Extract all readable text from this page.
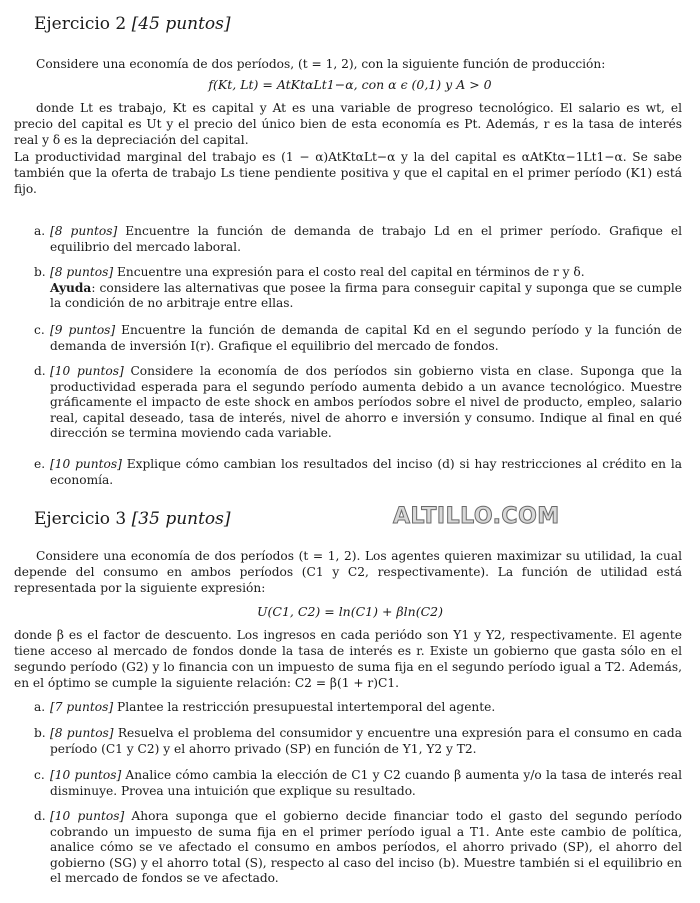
Ejercicio 2 [45 puntos]
Considere una economía de dos períodos, (t = 1, 2), con la siguiente función de producción:
f(Kt, Lt) = AtKtαLt1−α, con α ϵ (0,1) y A > 0
donde Lt es trabajo, Kt es capital y At es una variable de progreso tecnológico. El salario es wt, el precio del capital es Ut y el precio del único bien de esta economía es Pt. Además, r es la tasa de interés real y δ es la depreciación del capital.
La productividad marginal del trabajo es (1 − α)AtKtαLt−α y la del capital es αAtKtα−1Lt1−α. Se sabe también que la oferta de trabajo Ls tiene pendiente positiva y que el capital en el primer período (K1) está fijo.
a. [8 puntos] Encuentre la función de demanda de trabajo Ld en el primer período. Grafique el equilibrio del mercado laboral.
b. [8 puntos] Encuentre una expresión para el costo real del capital en términos de r y δ.
Ayuda: considere las alternativas que posee la firma para conseguir capital y suponga que se cumple la condición de no arbitraje entre ellas.
c. [9 puntos] Encuentre la función de demanda de capital Kd en el segundo período y la función de demanda de inversión I(r). Grafique el equilibrio del mercado de fondos.
d. [10 puntos] Considere la economía de dos períodos sin gobierno vista en clase. Suponga que la productividad esperada para el segundo período aumenta debido a un avance tecnológico. Muestre gráficamente el impacto de este shock en ambos períodos sobre el nivel de producto, empleo, salario real, capital deseado, tasa de interés, nivel de ahorro e inversión y consumo. Indique al final en qué dirección se termina moviendo cada variable.
e. [10 puntos] Explique cómo cambian los resultados del inciso (d) si hay restricciones al crédito en la economía.
Ejercicio 3 [35 puntos]	ALTILLO.COM
Considere una economía de dos períodos (t = 1, 2). Los agentes quieren maximizar su utilidad, la cual depende del consumo en ambos períodos (C1 y C2, respectivamente). La función de utilidad está representada por la siguiente expresión:
U(C1, C2) = ln(C1) + βln(C2)
donde β es el factor de descuento. Los ingresos en cada periódo son Y1 y Y2, respectivamente. El agente tiene acceso al mercado de fondos donde la tasa de interés es r. Existe un gobierno que gasta sólo en el segundo período (G2) y lo financia con un impuesto de suma fija en el segundo período igual a T2. Además, en el óptimo se cumple la siguiente relación: C2 = β(1 + r)C1.
a. [7 puntos] Plantee la restricción presupuestal intertemporal del agente.
b. [8 puntos] Resuelva el problema del consumidor y encuentre una expresión para el consumo en cada período (C1 y C2) y el ahorro privado (SP) en función de Y1, Y2 y T2.
c. [10 puntos] Analice cómo cambia la elección de C1 y C2 cuando β aumenta y/o la tasa de interés real disminuye. Provea una intuición que explique su resultado.
d. [10 puntos] Ahora suponga que el gobierno decide financiar todo el gasto del segundo período cobrando un impuesto de suma fija en el primer período igual a T1. Ante este cambio de política, analice cómo se ve afectado el consumo en ambos períodos, el ahorro privado (SP), el ahorro del gobierno (SG) y el ahorro total (S), respecto al caso del inciso (b). Muestre también si el equilibrio en el mercado de fondos se ve afectado.
